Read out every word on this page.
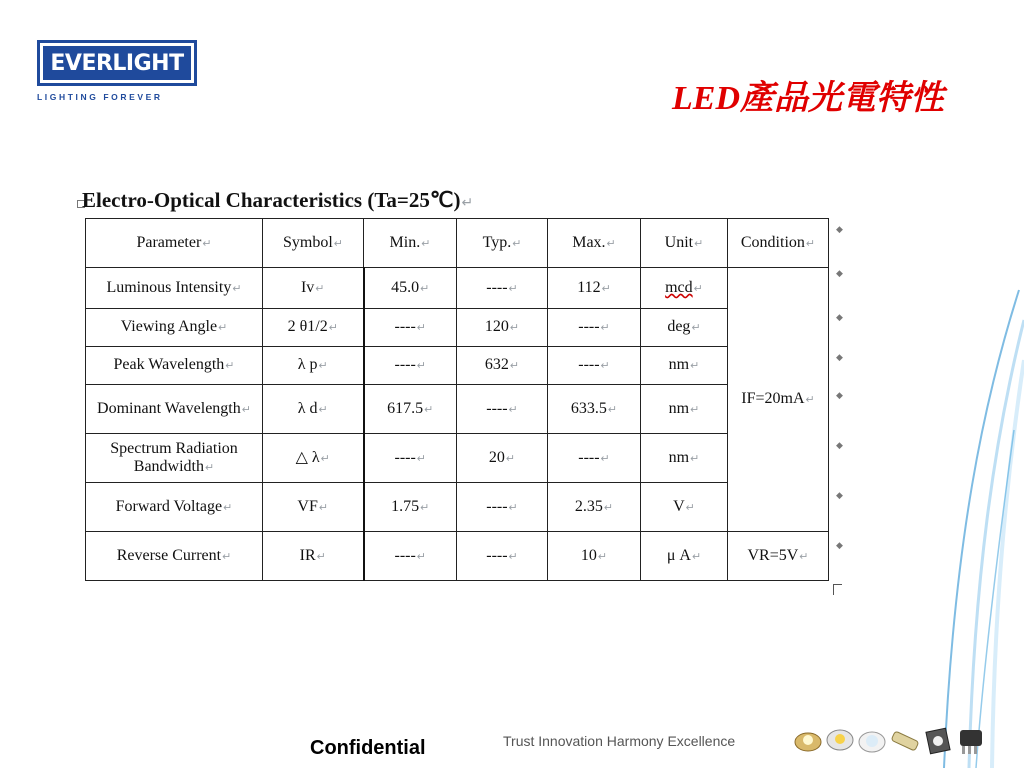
EVERLIGHT
LIGHTING FOREVER	LED產品光電特性
Electro-Optical Characteristics (Ta=25℃)↵
Parameter↵	Symbol↵	Min.↵	Typ.↵	Max.↵	Unit↵	Condition↵
Luminous Intensity↵	Iv↵	45.0↵	----↵	112↵	mcd↵	IF=20mA↵
Viewing Angle↵	2 θ1/2↵	----↵	120↵	----↵	deg↵	
Peak Wavelength↵	λ p↵	----↵	632↵	----↵	nm↵	
Dominant Wavelength↵	λ d↵	617.5↵	----↵	633.5↵	nm↵	
Spectrum Radiation Bandwidth↵	△ λ↵	----↵	20↵	----↵	nm↵	
Forward Voltage↵	VF↵	1.75↵	----↵	2.35↵	V↵	
Reverse Current↵	IR↵	----↵	----↵	10↵	μ A↵	VR=5V↵
◆
◆
◆
◆
◆
◆
◆
◆
Confidential	Trust Innovation Harmony Excellence
